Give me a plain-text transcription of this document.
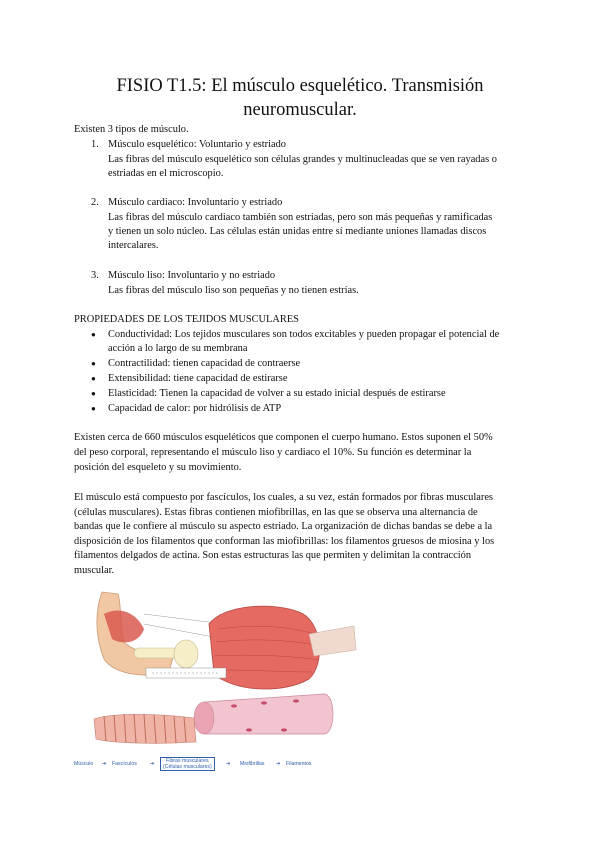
FISIO T1.5: El músculo esquelético. Transmisión
neuromuscular.
Existen 3 tipos de músculo.
1. Músculo esquelético: Voluntario y estriado
Las fibras del músculo esquelético son células grandes y multinucleadas que se ven rayadas o
estriadas en el microscopio.
2. Músculo cardiaco: Involuntario y estriado
Las fibras del músculo cardiaco también son estriadas, pero son más pequeñas y ramificadas
y tienen un solo núcleo. Las células están unidas entre sí mediante uniones llamadas discos
intercalares.
3. Músculo liso: Involuntario y no estriado
Las fibras del músculo liso son pequeñas y no tienen estrías.
PROPIEDADES DE LOS TEJIDOS MUSCULARES
● Conductividad: Los tejidos musculares son todos excitables y pueden propagar el potencial de
acción a lo largo de su membrana
● Contractilidad: tienen capacidad de contraerse
● Extensibilidad: tiene capacidad de estirarse
● Elasticidad: Tienen la capacidad de volver a su estado inicial después de estirarse
● Capacidad de calor: por hidrólisis de ATP
Existen cerca de 660 músculos esqueléticos que componen el cuerpo humano. Estos suponen el 50%
del peso corporal, representando el músculo liso y cardiaco el 10%. Su función es determinar la
posición del esqueleto y su movimiento.
El músculo está compuesto por fascículos, los cuales, a su vez, están formados por fibras musculares
(células musculares). Estas fibras contienen miofibrillas, en las que se observa una alternancia de
bandas que le confiere al músculo su aspecto estriado. La organización de dichas bandas se debe a la
disposición de los filamentos que conforman las miofibrillas: los filamentos gruesos de miosina y los
filamentos delgados de actina. Son estas estructuras las que permiten y delimitan la contracción
muscular.
Músculo ➜ Fascículos	➜	Fibras musculares
(Células musculares)	➜ Miofibrillas ➜ Filamentos
